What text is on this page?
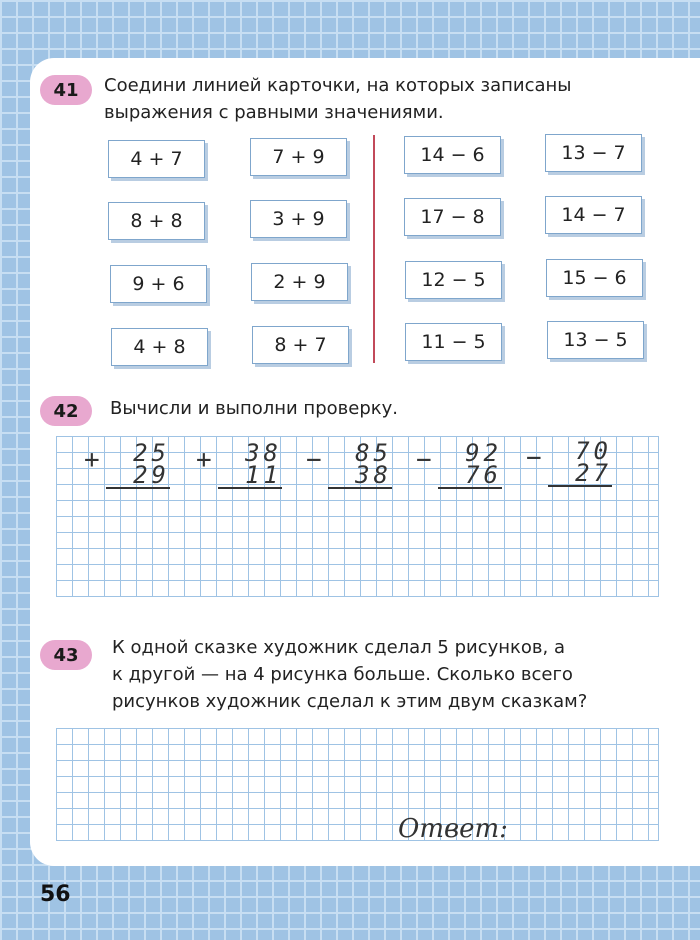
41	Соедини линией карточки, на которых записаны
выражения с равными значениями.
4 + 7	7 + 9	14 − 6	13 − 7
8 + 8	3 + 9	17 − 8	14 − 7
9 + 6	2 + 9	12 − 5	15 − 6
4 + 8	8 + 7	11 − 5	13 − 5
42	Вычисли и выполни проверку.
+	25
29 +	38
11 −	85
38 −	92
76
−	70
27
43	К одной сказке художник сделал 5 рисунков, а
к другой — на 4 рисунка больше. Сколько всего
рисунков художник сделал к этим двум сказкам?
Ответ:
56
